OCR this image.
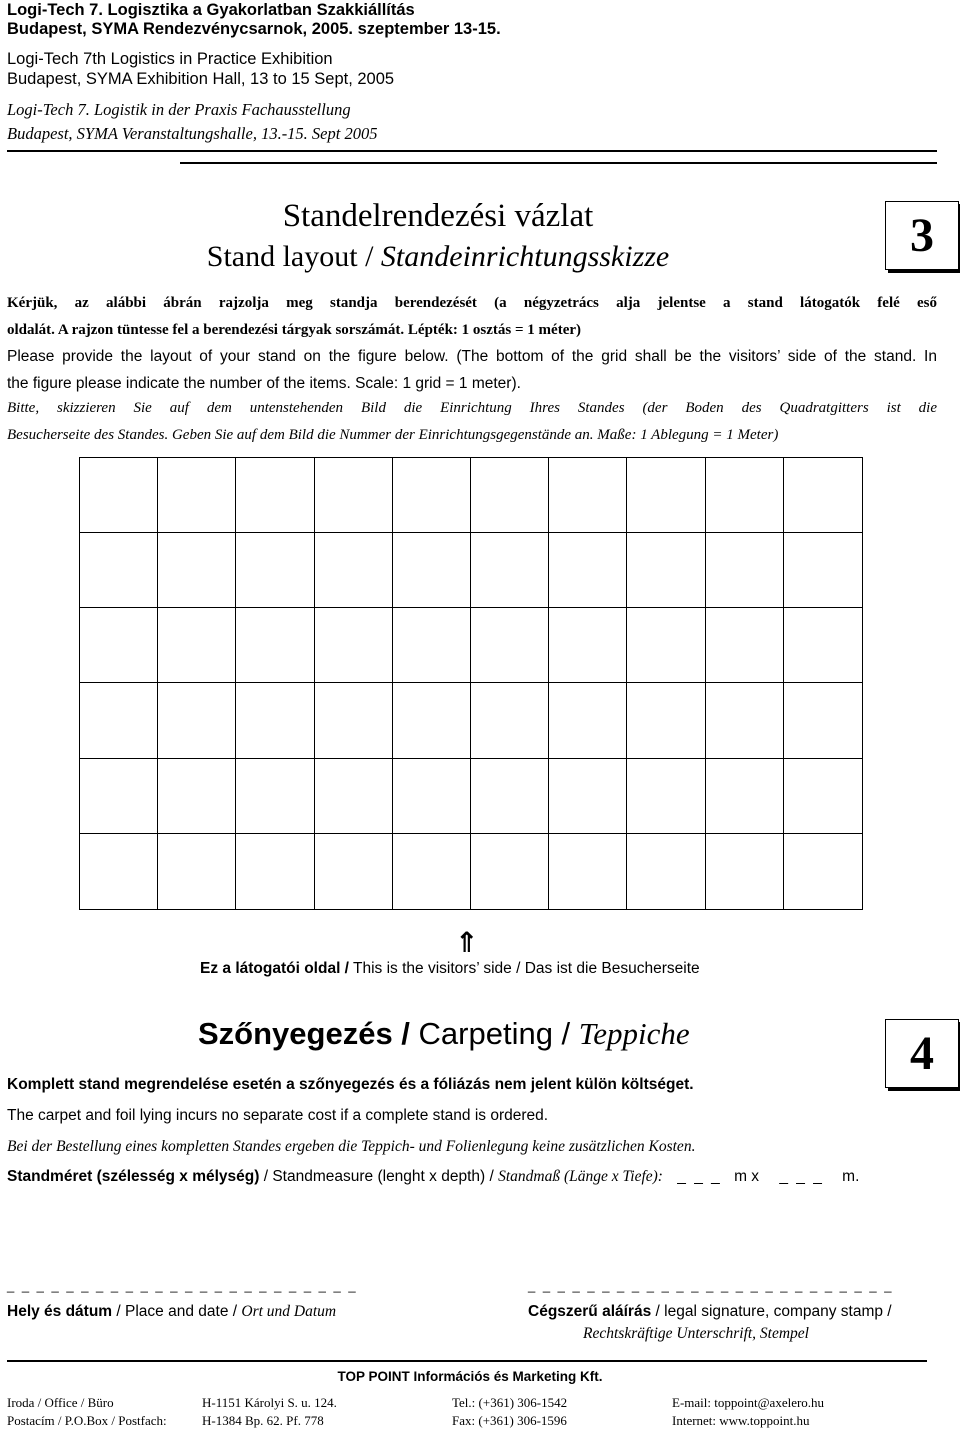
Logi-Tech 7. Logisztika a Gyakorlatban Szakkiállítás
Budapest, SYMA Rendezvénycsarnok, 2005. szeptember 13-15.
Logi-Tech 7th Logistics in Practice Exhibition
Budapest, SYMA Exhibition Hall, 13 to 15 Sept, 2005
Logi-Tech 7. Logistik in der Praxis Fachausstellung
Budapest, SYMA Veranstaltungshalle, 13.-15. Sept 2005
Standelrendezési vázlat
Stand layout / Standeinrichtungsskizze	3
Kérjük, az alábbi ábrán rajzolja meg standja berendezését (a négyzetrács alja jelentse a stand látogatók felé eső
oldalát. A rajzon tüntesse fel a berendezési tárgyak sorszámát. Lépték: 1 osztás = 1 méter)
Please provide the layout of your stand on the figure below. (The bottom of the grid shall be the visitors’ side of the stand. In
the figure please indicate the number of the items. Scale: 1 grid = 1 meter).
Bitte, skizzieren Sie auf dem untenstehenden Bild die Einrichtung Ihres Standes (der Boden des Quadratgitters ist die
Besucherseite des Standes. Geben Sie auf dem Bild die Nummer der Einrichtungsgegenstände an. Maße: 1 Ablegung = 1 Meter)
⇑
Ez a látogatói oldal / This is the visitors’ side / Das ist die Besucherseite
Szőnyegezés / Carpeting / Teppiche	4
Komplett stand megrendelése esetén a szőnyegezés és a fóliázás nem jelent külön költséget.
The carpet and foil lying incurs no separate cost if a complete stand is ordered.
Bei der Bestellung eines kompletten Standes ergeben die Teppich- und Folienlegung keine zusätzlichen Kosten.
Standméret (szélesség x mélység) / Standmeasure (lenght x depth) / Standmaß (Länge x Tiefe): _ _ _ m x _ _ _ m.
_ _ _ _ _ _ _ _ _ _ _ _ _ _ _ _ _ _ _ _ _ _ _ _	_ _ _ _ _ _ _ _ _ _ _ _ _ _ _ _ _ _ _ _ _ _ _ _ _
Hely és dátum / Place and date / Ort und Datum	Cégszerű aláírás / legal signature, company stamp /
Rechtskräftige Unterschrift, Stempel
TOP POINT Információs és Marketing Kft.
Iroda / Office / Büro	H-1151 Károlyi S. u. 124.	Tel.: (+361) 306-1542	E-mail: toppoint@axelero.hu
Postacím / P.O.Box / Postfach:	H-1384 Bp. 62. Pf. 778	Fax: (+361) 306-1596	Internet: www.toppoint.hu
